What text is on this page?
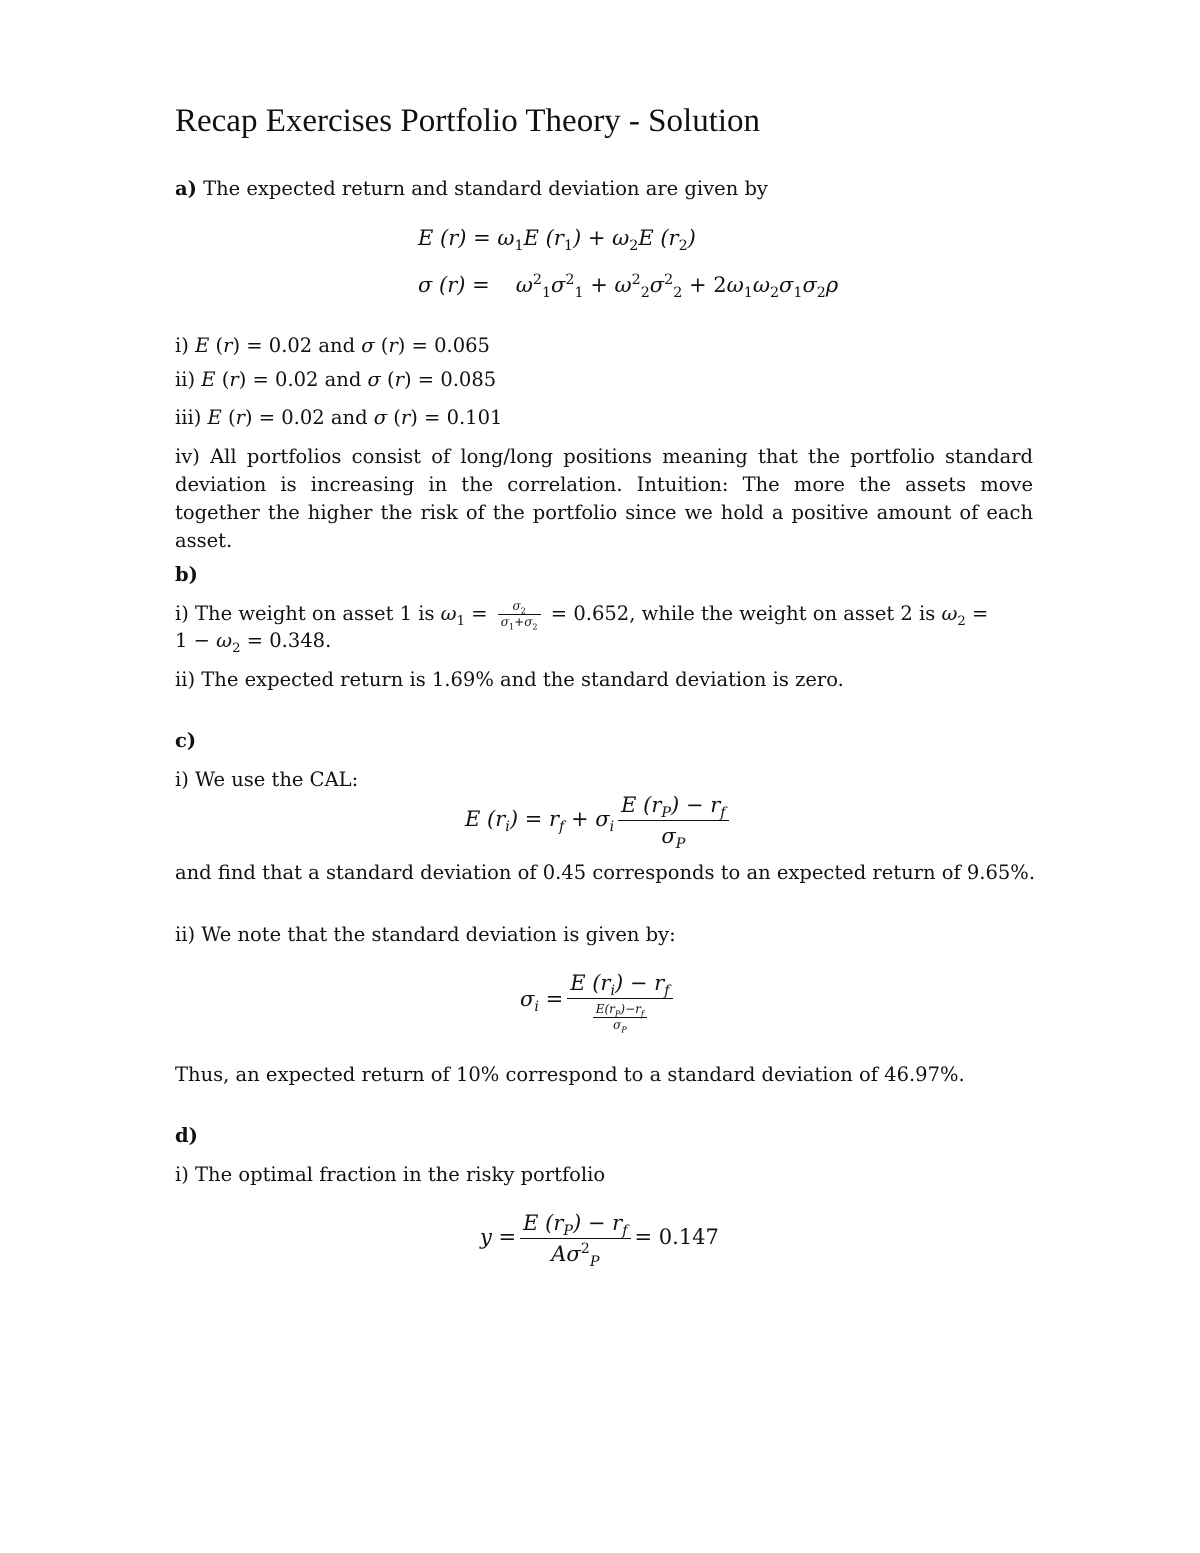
Recap Exercises Portfolio Theory - Solution

a) The expected return and standard deviation are given by

E $(r) = \omega_1E$ $(r_1) + \omega_2E$ $(r_2)$
σ $(r) = \omega^2_1\sigma^2_1 + \omega^2_2\sigma^2_2 + 2\omega_1\omega_2\sigma_1\sigma_2\rho$

i) E (r) = 0.02 and σ (r) = 0.065

ii) E (r) = 0.02 and σ (r) = 0.085

iii) E (r) = 0.02 and σ (r) = 0.101

iv) All portfolios consist of long/long positions meaning that the portfolio standard deviation is increasing in the correlation. Intuition: The more the assets move together the higher the risk of the portfolio since we hold a positive amount of each asset.

b)

i) The weight on asset 1 is $\omega_1 = \frac{\sigma_2}{\sigma_1+\sigma_2} = 0.652$, while the weight on asset 2 is $\omega_2$ =

$1 - \omega_2 = 0.348$.

ii) The expected return is 1.69% and the standard deviation is zero.

c)

i) We use the CAL:

E $(r_i) = r_f + \sigma_i \frac{E (r_P) - r_f}{\sigma_P}$

and find that a standard deviation of 0.45 corresponds to an expected return of 9.65%.

ii) We note that the standard deviation is given by:

$\sigma_i = \frac{E (r_i) - r_f}{\frac{E(r_P)-r_f}{\sigma_P}}$

Thus, an expected return of 10% correspond to a standard deviation of 46.97%.

d)

i) The optimal fraction in the risky portfolio

$y = \frac{E (r_P) - r_f}{A\sigma^2_P} = 0.147$
